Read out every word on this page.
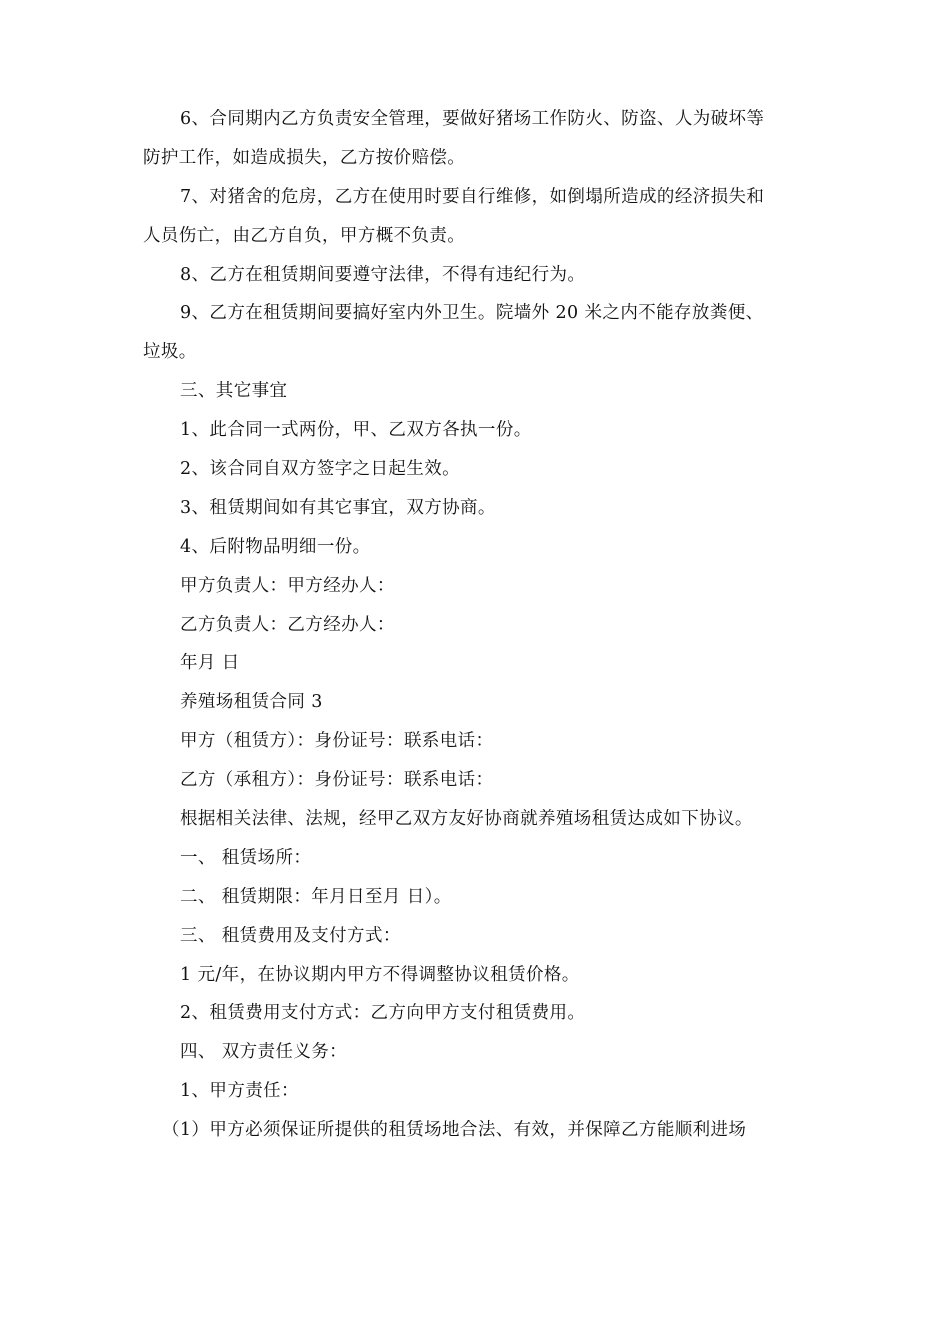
6、合同期内乙方负责安全管理，要做好猪场工作防火、防盗、人为破坏等
防护工作，如造成损失，乙方按价赔偿。
7、对猪舍的危房，乙方在使用时要自行维修，如倒塌所造成的经济损失和
人员伤亡，由乙方自负，甲方概不负责。
8、乙方在租赁期间要遵守法律，不得有违纪行为。
9、乙方在租赁期间要搞好室内外卫生。院墙外 20 米之内不能存放粪便、
垃圾。
三、其它事宜
1、此合同一式两份，甲、乙双方各执一份。
2、该合同自双方签字之日起生效。
3、租赁期间如有其它事宜，双方协商。
4、后附物品明细一份。
甲方负责人：甲方经办人：
乙方负责人：乙方经办人：
年月 日
养殖场租赁合同 3
甲方（租赁方）：身份证号：联系电话：
乙方（承租方）：身份证号：联系电话：
根据相关法律、法规，经甲乙双方友好协商就养殖场租赁达成如下协议。
一、 租赁场所：
二、 租赁期限：年月日至月 日）。
三、 租赁费用及支付方式：
1 元/年，在协议期内甲方不得调整协议租赁价格。
2、租赁费用支付方式：乙方向甲方支付租赁费用。
四、 双方责任义务：
1、甲方责任：
（1）甲方必须保证所提供的租赁场地合法、有效，并保障乙方能顺利进场
